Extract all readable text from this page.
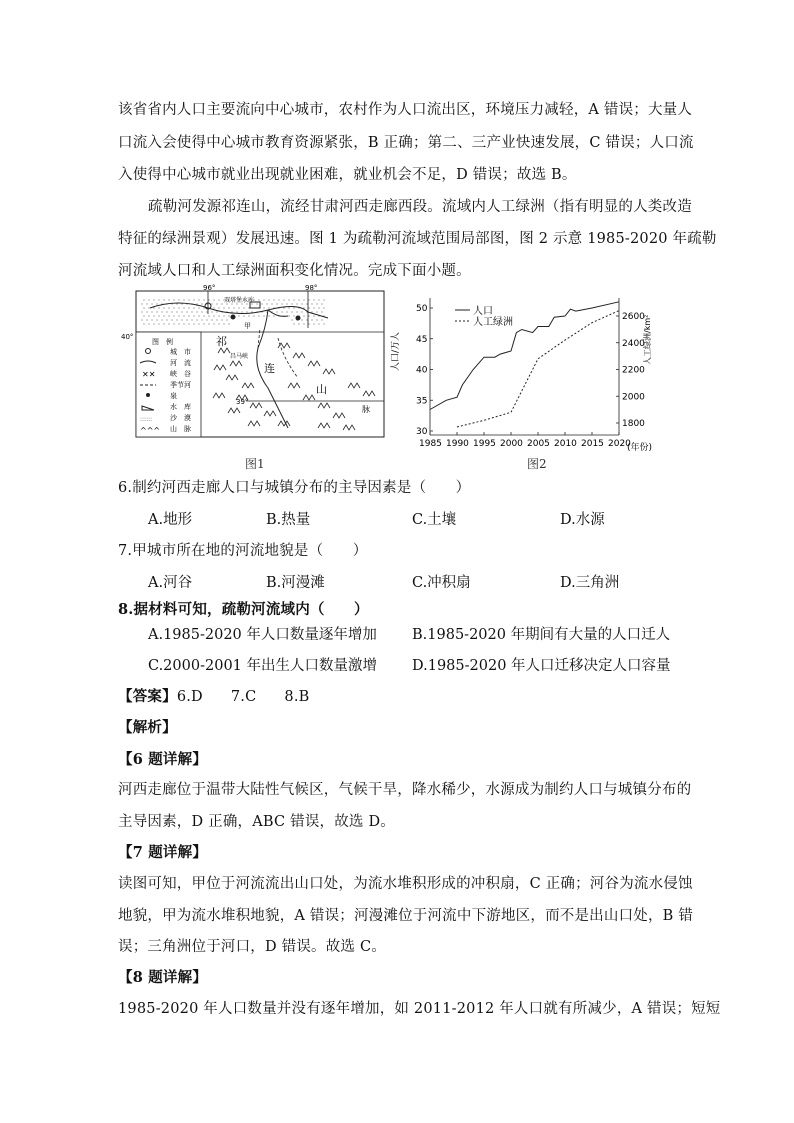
该省省内人口主要流向中心城市，农村作为人口流出区，环境压力减轻，A 错误；大量人
口流入会使得中心城市教育资源紧张，B 正确；第二、三产业快速发展，C 错误；人口流
入使得中心城市就业出现就业困难，就业机会不足，D 错误；故选 B。
疏勒河发源祁连山，流经甘肃河西走廊西段。流域内人工绿洲（指有明显的人类改造
特征的绿洲景观）发展迅速。图 1 为疏勒河流域范围局部图，图 2 示意 1985-2020 年疏勒
河流域人口和人工绿洲面积变化情况。完成下面小题。
96°	98°
40°
39°
双塔堡水库
昌马峡
甲
祁
连
山
脉
图　例
城　市
河　流
峡　谷
季节河
泉　
水　库
沙　漠
山　脉
✕✕
::::::
^^^
图1
人口/万人	人工绿洲/km²
(年份)
人口
人工绿洲
1985 1990 1995 2000 2005 2010 2015 2020
30
35
40
45
50
1800
2000
2200
2400
2600
图2
6.制约河西走廊人口与城镇分布的主导因素是（　　）
A.地形	B.热量	C.土壤	D.水源
7.甲城市所在地的河流地貌是（　　）
A.河谷	B.河漫滩	C.冲积扇	D.三角洲
8.据材料可知，疏勒河流域内（　　）
A.1985-2020 年人口数量逐年增加 B.1985-2020 年期间有大量的人口迁人
C.2000-2001 年出生人口数量激增 D.1985-2020 年人口迁移决定人口容量
【答案】6.D 7.C 8.B
【解析】
【6 题详解】
河西走廊位于温带大陆性气候区，气候干旱，降水稀少，水源成为制约人口与城镇分布的
主导因素，D 正确，ABC 错误，故选 D。
【7 题详解】
读图可知，甲位于河流流出山口处，为流水堆积形成的冲积扇，C 正确；河谷为流水侵蚀
地貌，甲为流水堆积地貌，A 错误；河漫滩位于河流中下游地区，而不是出山口处，B 错
误；三角洲位于河口，D 错误。故选 C。
【8 题详解】
1985-2020 年人口数量并没有逐年增加，如 2011-2012 年人口就有所减少，A 错误；短短
